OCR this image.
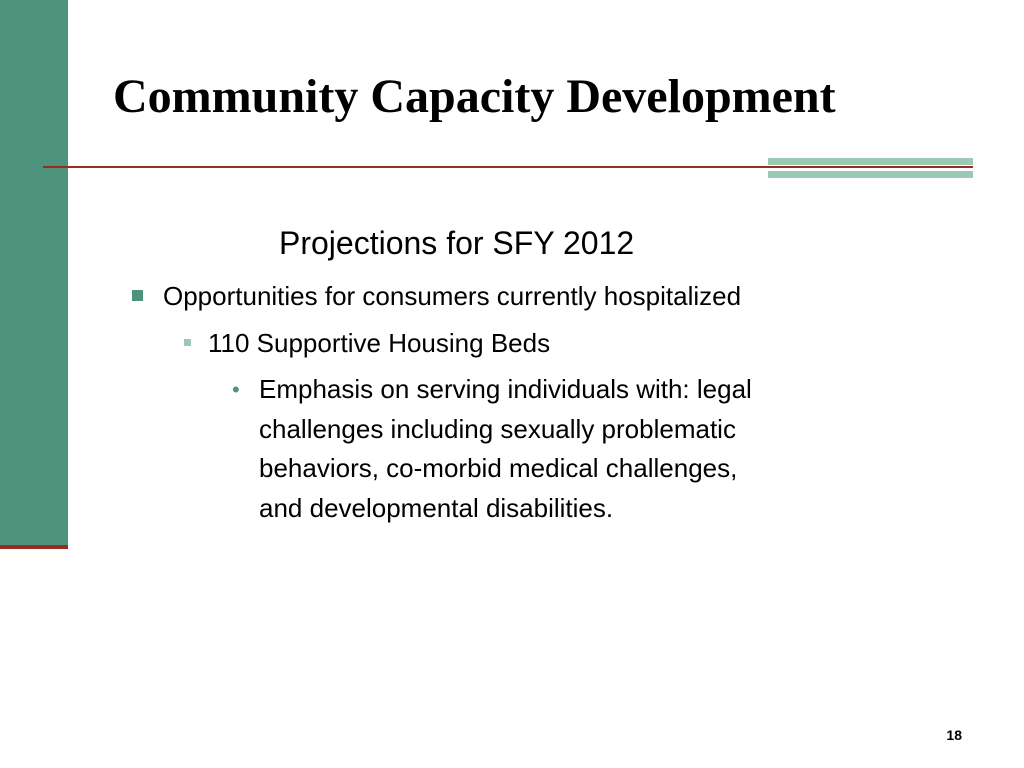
Community Capacity Development
Projections for SFY 2012
Opportunities for consumers currently hospitalized
110 Supportive Housing Beds
• Emphasis on serving individuals with: legal
challenges including sexually problematic
behaviors, co-morbid medical challenges,
and developmental disabilities.
18
